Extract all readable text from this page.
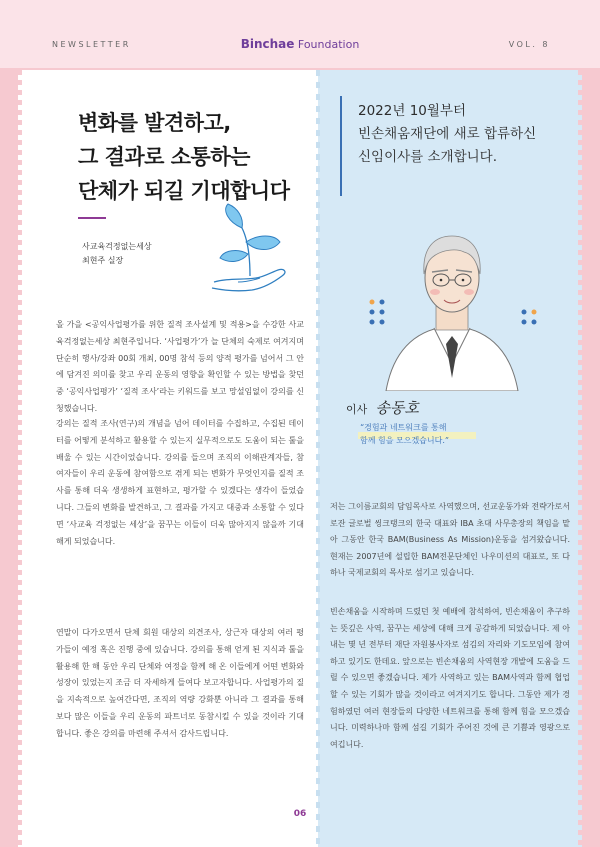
NEWSLETTER	Binchae Foundation	VOL. 8
변화를 발견하고,
그 결과로 소통하는
단체가 되길 기대합니다
사교육걱정없는세상
최현주 실장

올 가을 <공익사업평가를 위한 질적 조사설계 및 적용>을 수강한 사교육걱정없는세상 최현주입니다. ‘사업평가’가 늘 단체의 숙제로 여겨지며 단순히 행사/강좌 00회 개최, 00명 참석 등의 양적 평가를 넘어서 그 안에 담겨진 의미를 찾고 우리 운동의 영향을 확인할 수 있는 방법을 찾던 중 ‘공익사업평가’ ‘질적 조사’라는 키워드를 보고 망설임없이 강의를 신청했습니다.

강의는 질적 조사(연구)의 개념을 넘어 데이터를 수집하고, 수집된 데이터를 어떻게 분석하고 활용할 수 있는지 실무적으로도 도움이 되는 툴을 배울 수 있는 시간이었습니다. 강의를 들으며 조직의 이해관계자들, 참여자들이 우리 운동에 참여함으로 겪게 되는 변화가 무엇인지를 질적 조사를 통해 더욱 생생하게 표현하고, 평가할 수 있겠다는 생각이 들었습니다. 그들의 변화를 발견하고, 그 결과를 가지고 대중과 소통할 수 있다면 ‘사교육 걱정없는 세상’을 꿈꾸는 이들이 더욱 많아지지 않을까 기대해게 되었습니다.

연말이 다가오면서 단체 회원 대상의 의견조사, 상근자 대상의 여러 평가들이 예정 혹은 진행 중에 있습니다. 강의를 통해 얻게 된 지식과 툴을 활용해 한 해 동안 우리 단체와 여정을 함께 해 온 이들에게 어떤 변화와 성장이 있었는지 조금 더 자세하게 들여다 보고자합니다. 사업평가의 질을 지속적으로 높여간다면, 조직의 역량 강화뿐 아니라 그 결과를 통해 보다 많은 이들을 우리 운동의 파트너로 동참시킬 수 있을 것이라 기대합니다. 좋은 강의를 마련해 주셔서 감사드립니다.

2022년 10월부터
빈손채움재단에 새로 합류하신
신임이사를 소개합니다.
이사 송동호
“경험과 네트워크를 통해
함께 힘을 모으겠습니다.”

저는 그이름교회의 담임목사로 사역했으며, 선교운동가와 전략가로서 로잔 글로벌 씽크탱크의 한국 대표와 IBA 초대 사무총장의 책임을 맡아 그동안 한국 BAM(Business As Mission)운동을 섬겨왔습니다. 현재는 2007년에 설립한 BAM전문단체인 나우미션의 대표로, 또 다하나 국제교회의 목사로 섬기고 있습니다.

빈손채움을 시작하며 드렸던 첫 예배에 참석하여, 빈손채움이 추구하는 뜻깊은 사역, 꿈꾸는 세상에 대해 크게 공감하게 되었습니다. 제 아내는 몇 년 전부터 재단 자원봉사자로 섬김의 자리와 기도모임에 참여하고 있기도 한데요. 앞으로는 빈손채움의 사역현장 개발에 도움을 드릴 수 있으면 좋겠습니다. 제가 사역하고 있는 BAM사역과 함께 협업할 수 있는 기회가 많을 것이라고 여겨지기도 합니다. 그동안 제가 경험하였던 여러 현장들의 다양한 네트워크를 통해 함께 힘을 모으겠습니다. 미력하나마 함께 섬길 기회가 주어진 것에 큰 기쁨과 영광으로 여깁니다.

06
